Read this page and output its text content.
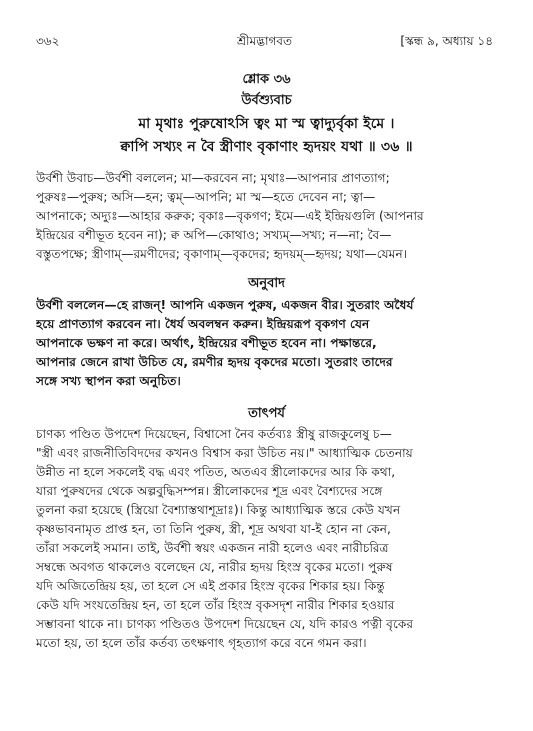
৩৬২	শ্রীমদ্ভাগবত	[স্কন্ধ ৯, অধ্যায় ১৪
শ্লোক ৩৬
উর্বশ্যুবাচ
মা মৃথাঃ পুরুষোঽসি ত্বং মা স্ম ত্বাদ্যুর্বৃকা ইমে ।
ক্বাপি সখ্যং ন বৈ স্ত্রীণাং বৃকাণাং হৃদয়ং যথা ॥ ৩৬ ॥
উর্বশী উবাচ—উর্বশী বললেন; মা—করবেন না; মৃথাঃ—আপনার প্রাণত্যাগ;
পুরুষঃ—পুরুষ; অসি—হন; ত্বম্—আপনি; মা স্ম—হতে দেবেন না; ত্বা—
আপনাকে; অদ্যুঃ—আহার করুক; বৃকাঃ—বৃকগণ; ইমে—এই ইন্দ্রিয়গুলি (আপনার
ইন্দ্রিয়ের বশীভূত হবেন না); ক্ব অপি—কোথাও; সখ্যম্—সখ্য; ন—না; বৈ—
বস্তুতপক্ষে; স্ত্রীণাম্—রমণীদের; বৃকাণাম্—বৃকদের; হৃদয়ম্—হৃদয়; যথা—যেমন।
অনুবাদ
উর্বশী বললেন—হে রাজন্! আপনি একজন পুরুষ, একজন বীর। সুতরাং অধৈর্য
হয়ে প্রাণত্যাগ করবেন না। ধৈর্য অবলম্বন করুন। ইন্দ্রিয়রূপ বৃকগণ যেন
আপনাকে ভক্ষণ না করে। অর্থাৎ, ইন্দ্রিয়ের বশীভূত হবেন না। পক্ষান্তরে,
আপনার জেনে রাখা উচিত যে, রমণীর হৃদয় বৃকদের মতো। সুতরাং তাদের
সঙ্গে সখ্য স্থাপন করা অনুচিত।
তাৎপর্য
চাণক্য পণ্ডিত উপদেশ দিয়েছেন, বিশ্বাসো নৈব কর্তব্যঃ স্ত্রীষু রাজকুলেষু চ—
"স্ত্রী এবং রাজনীতিবিদদের কখনও বিশ্বাস করা উচিত নয়।" আধ্যাত্মিক চেতনায়
উন্নীত না হলে সকলেই বদ্ধ এবং পতিত, অতএব স্ত্রীলোকদের আর কি কথা,
যারা পুরুষদের থেকে অল্পবুদ্ধিসম্পন্ন। স্ত্রীলোকদের শূদ্র এবং বৈশ্যদের সঙ্গে
তুলনা করা হয়েছে (স্ত্রিয়ো বৈশ্যাস্তথাশূদ্রাঃ)। কিন্তু আধ্যাত্মিক স্তরে কেউ যখন
কৃষ্ণভাবনামৃত প্রাপ্ত হন, তা তিনি পুরুষ, স্ত্রী, শূদ্র অথবা যা-ই হোন না কেন,
তাঁরা সকলেই সমান। তাই, উর্বশী স্বয়ং একজন নারী হলেও এবং নারীচরিত্র
সম্বন্ধে অবগত থাকলেও বলেছেন যে, নারীর হৃদয় হিংস্র বৃকের মতো। পুরুষ
যদি অজিতেন্দ্রিয় হয়, তা হলে সে এই প্রকার হিংস্র বৃকের শিকার হয়। কিন্তু
কেউ যদি সংযতেন্দ্রিয় হন, তা হলে তাঁর হিংস্র বৃকসদৃশ নারীর শিকার হওয়ার
সম্ভাবনা থাকে না। চাণক্য পণ্ডিতও উপদেশ দিয়েছেন যে, যদি কারও পত্নী বৃকের
মতো হয়, তা হলে তাঁর কর্তব্য তৎক্ষণাৎ গৃহত্যাগ করে বনে গমন করা।
